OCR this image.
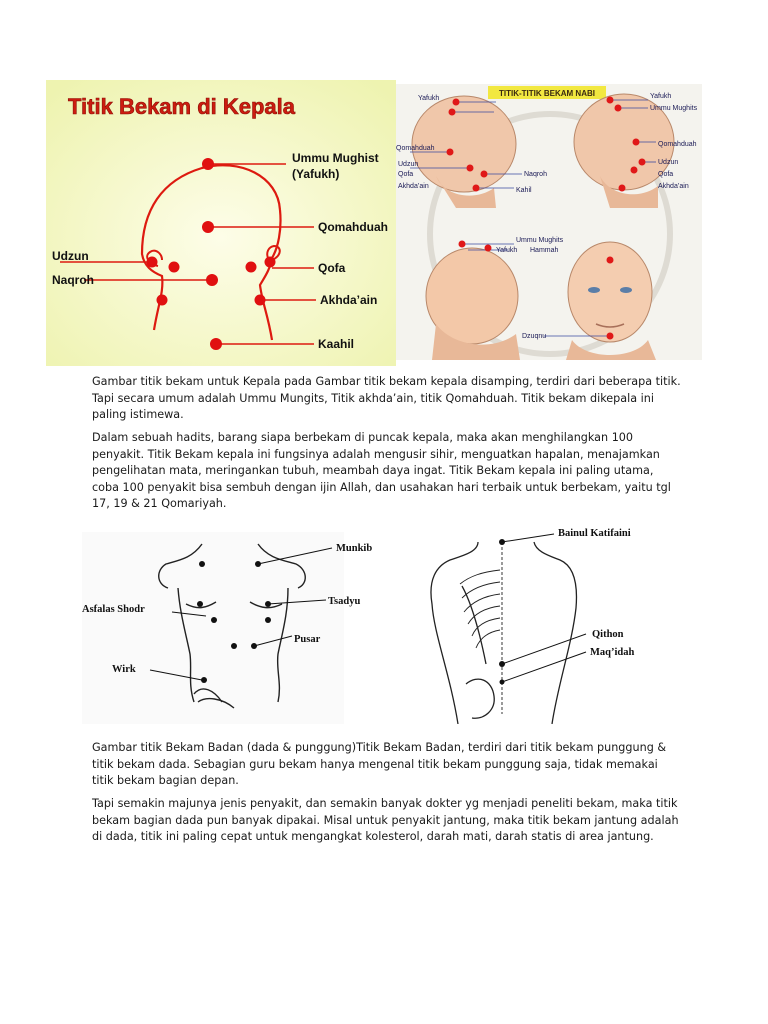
Titik Bekam di Kepala
Ummu Mughist
(Yafukh)
Qomahduah
Udzun
Naqroh
Qofa
Akhda’ain
Kaahil
TITIK-TITIK BEKAM NABI
Yafukh	Yafukh
Ummu Mughits
Qomahduah
Qomahduah
Udzun
Qofa
Akhda’ain
Naqroh
Kahil
Udzun
Qofa
Akhda’ain
Ummu Mughits
Yafukh Hammah
Dzuqnu

Gambar titik bekam untuk Kepala pada Gambar titik bekam kepala disamping, terdiri dari beberapa titik. Tapi secara umum adalah Ummu Mungits, Titik akhda’ain, titik Qomahduah. Titik bekam dikepala ini paling istimewa.

Dalam sebuah hadits, barang siapa berbekam di puncak kepala, maka akan menghilangkan 100 penyakit. Titik Bekam kepala ini fungsinya adalah mengusir sihir, menguatkan hapalan, menajamkan pengelihatan mata, meringankan tubuh, meambah daya ingat. Titik Bekam kepala ini paling utama, coba 100 penyakit bisa sembuh dengan ijin Allah, dan usahakan hari terbaik untuk berbekam, yaitu tgl 17, 19 & 21 Qomariyah.

Munkib
Tsadyu
Asfalas Shodr
Pusar
Wirk
Bainul Katifaini
Qithon
Maq’idah

Gambar titik Bekam Badan (dada & punggung)Titik Bekam Badan, terdiri dari titik bekam punggung & titik bekam dada. Sebagian guru bekam hanya mengenal titik bekam punggung saja, tidak memakai titik bekam bagian depan.

Tapi semakin majunya jenis penyakit, dan semakin banyak dokter yg menjadi peneliti bekam, maka titik bekam bagian dada pun banyak dipakai. Misal untuk penyakit jantung, maka titik bekam jantung adalah di dada, titik ini paling cepat untuk mengangkat kolesterol, darah mati, darah statis di area jantung.
